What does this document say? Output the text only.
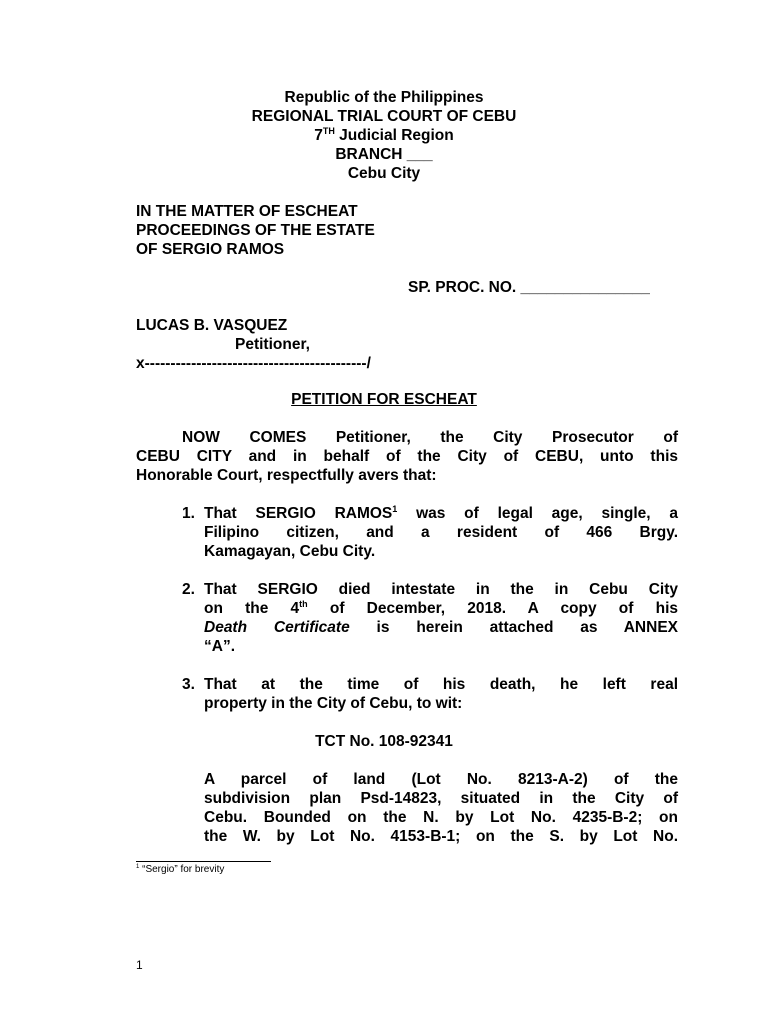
Republic of the Philippines
REGIONAL TRIAL COURT OF CEBU
7TH Judicial Region
BRANCH ___
Cebu City
IN THE MATTER OF ESCHEAT
PROCEEDINGS OF THE ESTATE
OF SERGIO RAMOS
SP. PROC. NO. _______________
LUCAS B. VASQUEZ
Petitioner,
x-------------------------------------------/
PETITION FOR ESCHEAT
NOW COMES Petitioner, the City Prosecutor of
CEBU CITY and in behalf of the City of CEBU, unto this
Honorable Court, respectfully avers that:
1. That SERGIO RAMOS$^1$ was of legal age, single, a
Filipino citizen, and a resident of 466 Brgy.
Kamagayan, Cebu City.
2. That SERGIO died intestate in the in Cebu City
on the 4th of December, 2018. A copy of his
Death Certificate is herein attached as ANNEX
“A”.
3. That at the time of his death, he left real
property in the City of Cebu, to wit:
TCT No. 108-92341
A parcel of land (Lot No. 8213-A-2) of the
subdivision plan Psd-14823, situated in the City of
Cebu. Bounded on the N. by Lot No. 4235-B-2; on
the W. by Lot No. 4153-B-1; on the S. by Lot No.
$^1$ “Sergio” for brevity
1
